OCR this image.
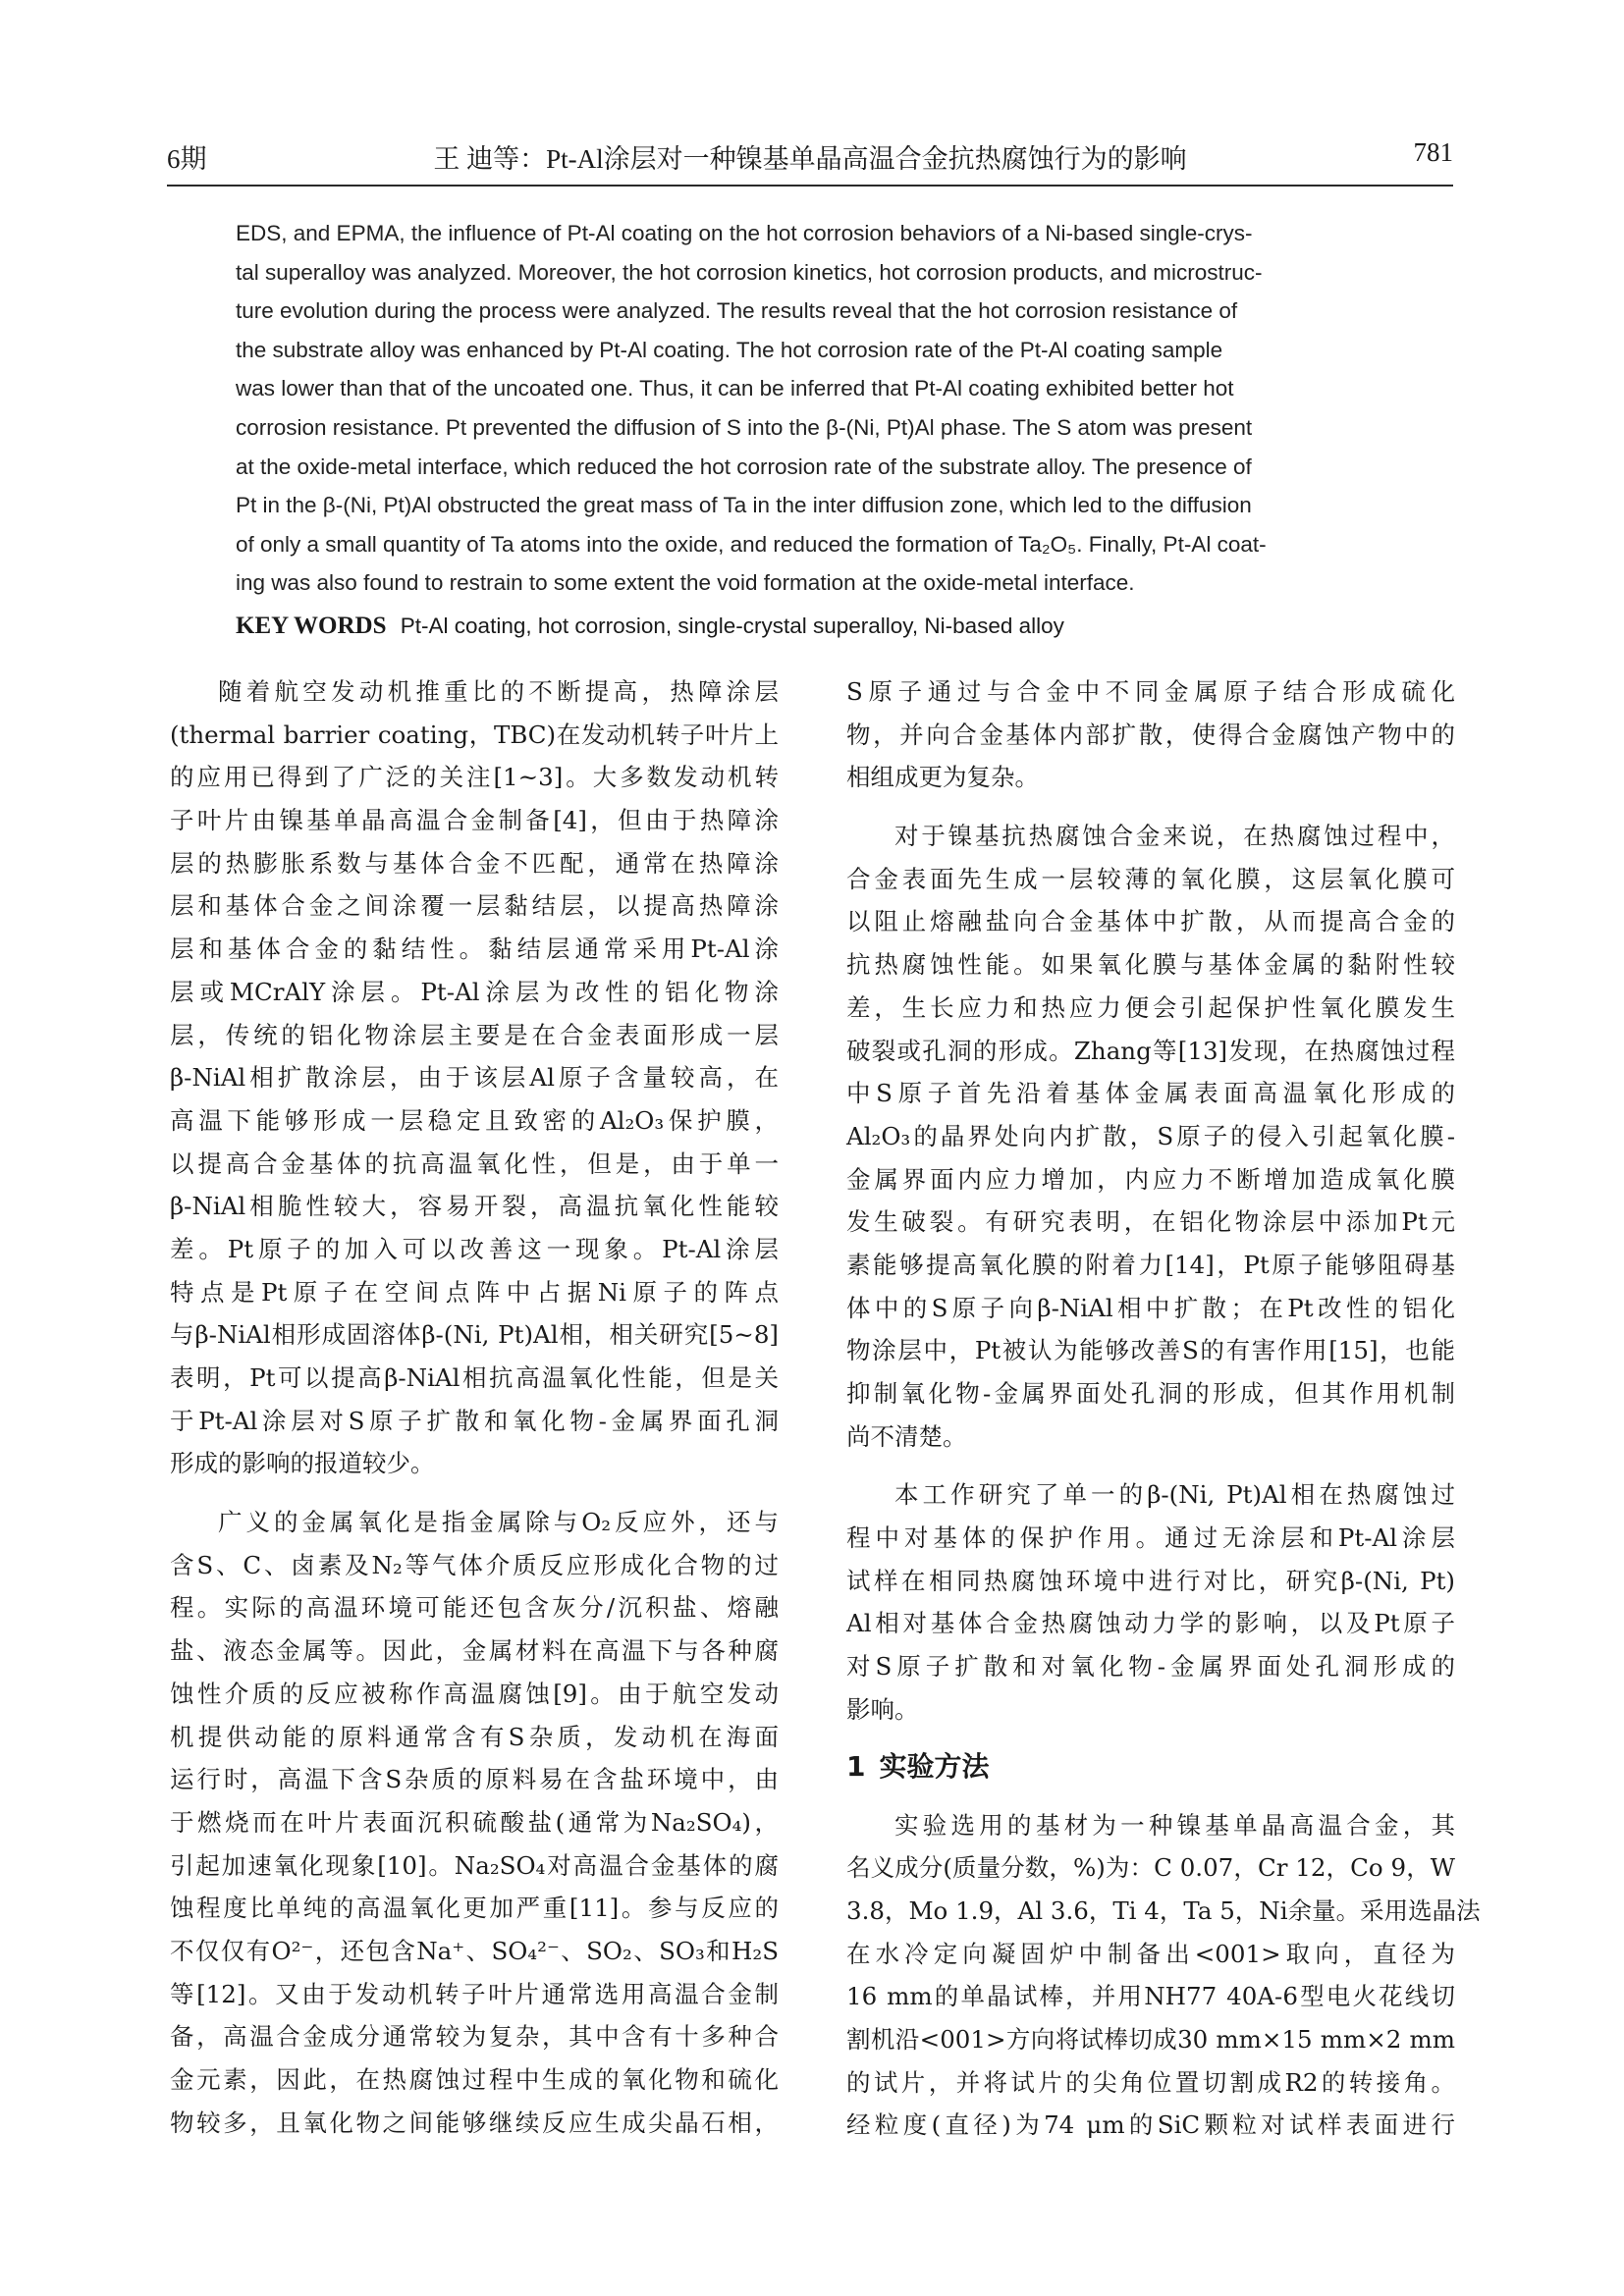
6期	王 迪等：Pt-Al涂层对一种镍基单晶高温合金抗热腐蚀行为的影响	781
EDS, and EPMA, the influence of Pt-Al coating on the hot corrosion behaviors of a Ni-based single-crys-
tal superalloy was analyzed. Moreover, the hot corrosion kinetics, hot corrosion products, and microstruc-
ture evolution during the process were analyzed. The results reveal that the hot corrosion resistance of
the substrate alloy was enhanced by Pt-Al coating. The hot corrosion rate of the Pt-Al coating sample
was lower than that of the uncoated one. Thus, it can be inferred that Pt-Al coating exhibited better hot
corrosion resistance. Pt prevented the diffusion of S into the β-(Ni, Pt)Al phase. The S atom was present
at the oxide-metal interface, which reduced the hot corrosion rate of the substrate alloy. The presence of
Pt in the β-(Ni, Pt)Al obstructed the great mass of Ta in the inter diffusion zone, which led to the diffusion
of only a small quantity of Ta atoms into the oxide, and reduced the formation of Ta₂O₅. Finally, Pt-Al coat-
ing was also found to restrain to some extent the void formation at the oxide-metal interface.
KEY WORDS Pt-Al coating, hot corrosion, single-crystal superalloy, Ni-based alloy

随着航空发动机推重比的不断提高，热障涂层
(thermal barrier coating，TBC)在发动机转子叶片上
的应用已得到了广泛的关注[1~3]。大多数发动机转
子叶片由镍基单晶高温合金制备[4]，但由于热障涂
层的热膨胀系数与基体合金不匹配，通常在热障涂
层和基体合金之间涂覆一层黏结层，以提高热障涂
层和基体合金的黏结性。黏结层通常采用Pt-Al涂
层或MCrAlY涂层。Pt-Al涂层为改性的铝化物涂
层，传统的铝化物涂层主要是在合金表面形成一层
β-NiAl相扩散涂层，由于该层Al原子含量较高，在
高温下能够形成一层稳定且致密的Al₂O₃保护膜，
以提高合金基体的抗高温氧化性，但是，由于单一
β-NiAl相脆性较大，容易开裂，高温抗氧化性能较
差。Pt原子的加入可以改善这一现象。Pt-Al涂层
特点是Pt原子在空间点阵中占据Ni原子的阵点
与β-NiAl相形成固溶体β-(Ni, Pt)Al相，相关研究[5~8]
表明，Pt可以提高β-NiAl相抗高温氧化性能，但是关
于Pt-Al涂层对S原子扩散和氧化物-金属界面孔洞
形成的影响的报道较少。

广义的金属氧化是指金属除与O₂反应外，还与
含S、C、卤素及N₂等气体介质反应形成化合物的过
程。实际的高温环境可能还包含灰分/沉积盐、熔融
盐、液态金属等。因此，金属材料在高温下与各种腐
蚀性介质的反应被称作高温腐蚀[9]。由于航空发动
机提供动能的原料通常含有S杂质，发动机在海面
运行时，高温下含S杂质的原料易在含盐环境中，由
于燃烧而在叶片表面沉积硫酸盐(通常为Na₂SO₄)，
引起加速氧化现象[10]。Na₂SO₄对高温合金基体的腐
蚀程度比单纯的高温氧化更加严重[11]。参与反应的
不仅仅有O²⁻，还包含Na⁺、SO₄²⁻、SO₂、SO₃和H₂S
等[12]。又由于发动机转子叶片通常选用高温合金制
备，高温合金成分通常较为复杂，其中含有十多种合
金元素，因此，在热腐蚀过程中生成的氧化物和硫化
物较多，且氧化物之间能够继续反应生成尖晶石相，

S原子通过与合金中不同金属原子结合形成硫化
物，并向合金基体内部扩散，使得合金腐蚀产物中的
相组成更为复杂。

对于镍基抗热腐蚀合金来说，在热腐蚀过程中，
合金表面先生成一层较薄的氧化膜，这层氧化膜可
以阻止熔融盐向合金基体中扩散，从而提高合金的
抗热腐蚀性能。如果氧化膜与基体金属的黏附性较
差，生长应力和热应力便会引起保护性氧化膜发生
破裂或孔洞的形成。Zhang等[13]发现，在热腐蚀过程
中S原子首先沿着基体金属表面高温氧化形成的
Al₂O₃的晶界处向内扩散，S原子的侵入引起氧化膜-
金属界面内应力增加，内应力不断增加造成氧化膜
发生破裂。有研究表明，在铝化物涂层中添加Pt元
素能够提高氧化膜的附着力[14]，Pt原子能够阻碍基
体中的S原子向β-NiAl相中扩散；在Pt改性的铝化
物涂层中，Pt被认为能够改善S的有害作用[15]，也能
抑制氧化物-金属界面处孔洞的形成，但其作用机制
尚不清楚。

本工作研究了单一的β-(Ni, Pt)Al相在热腐蚀过
程中对基体的保护作用。通过无涂层和Pt-Al涂层
试样在相同热腐蚀环境中进行对比，研究β-(Ni, Pt)
Al相对基体合金热腐蚀动力学的影响，以及Pt原子
对S原子扩散和对氧化物-金属界面处孔洞形成的
影响。

1 实验方法

实验选用的基材为一种镍基单晶高温合金，其
名义成分(质量分数，%)为：C 0.07，Cr 12，Co 9，W
3.8，Mo 1.9，Al 3.6，Ti 4，Ta 5，Ni余量。采用选晶法
在水冷定向凝固炉中制备出<001>取向，直径为
16 mm的单晶试棒，并用NH77 40A-6型电火花线切
割机沿<001>方向将试棒切成30 mm×15 mm×2 mm
的试片，并将试片的尖角位置切割成R2的转接角。
经粒度(直径)为74 μm的SiC颗粒对试样表面进行
